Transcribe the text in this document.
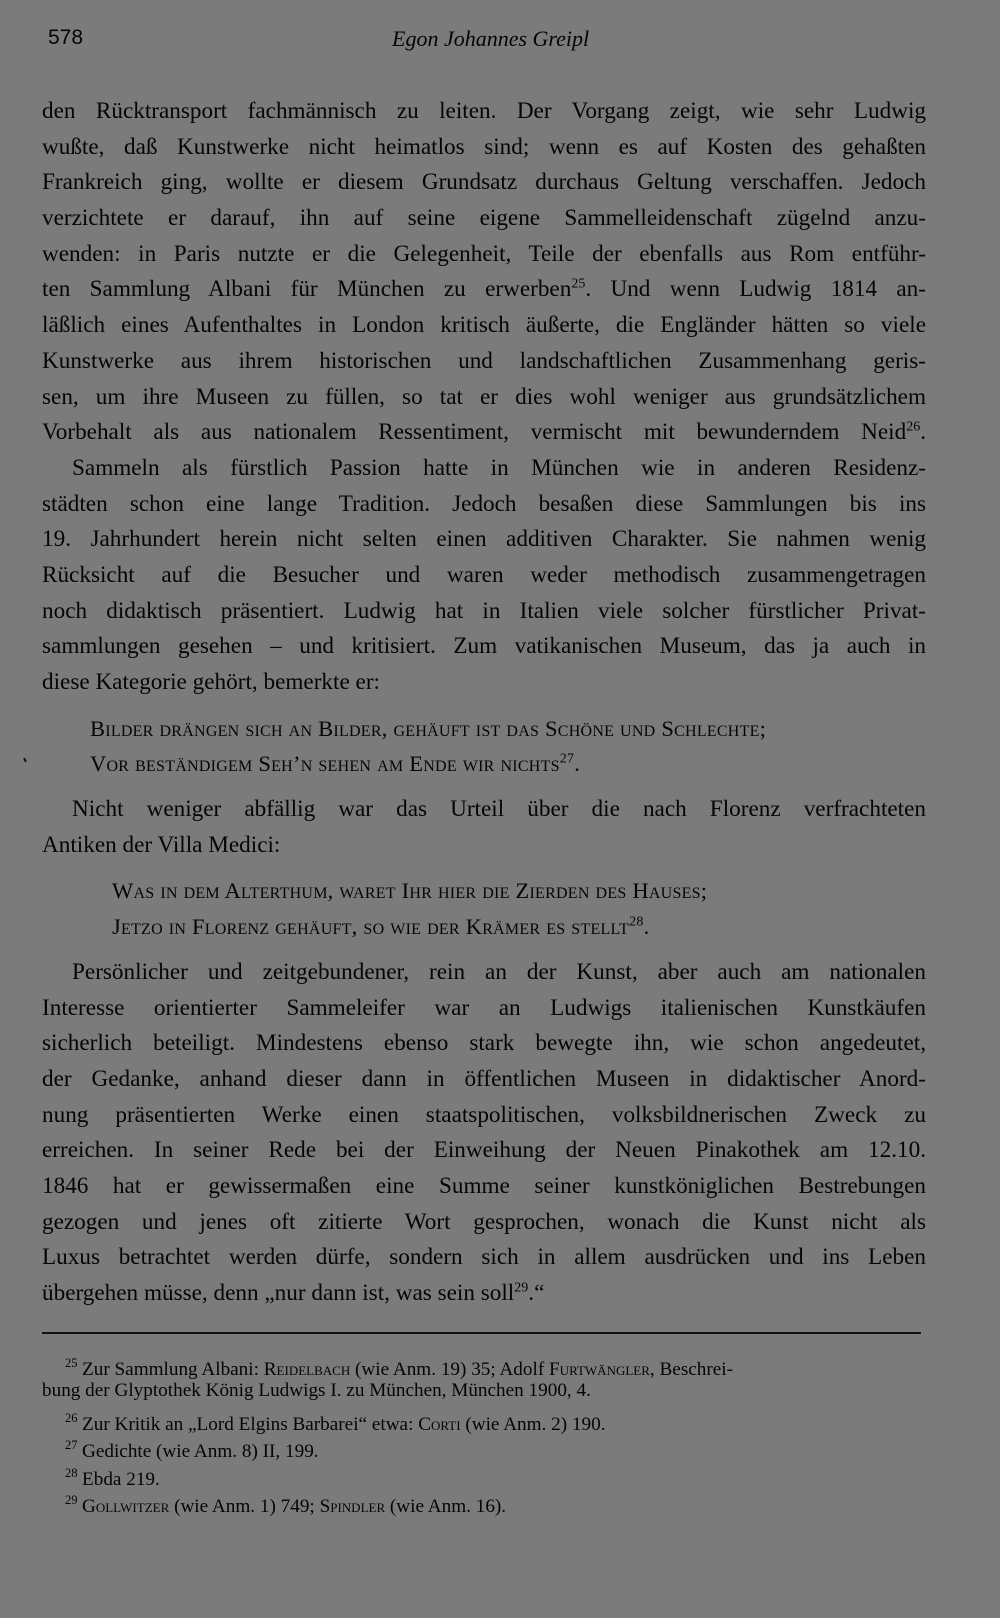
578	Egon Johannes Greipl
den Rücktransport fachmännisch zu leiten. Der Vorgang zeigt, wie sehr Ludwig
wußte, daß Kunstwerke nicht heimatlos sind; wenn es auf Kosten des gehaßten
Frankreich ging, wollte er diesem Grundsatz durchaus Geltung verschaffen. Jedoch
verzichtete er darauf, ihn auf seine eigene Sammelleidenschaft zügelnd anzu-
wenden: in Paris nutzte er die Gelegenheit, Teile der ebenfalls aus Rom entführ-
ten Sammlung Albani für München zu erwerben$^{25}$. Und wenn Ludwig 1814 an-
läßlich eines Aufenthaltes in London kritisch äußerte, die Engländer hätten so viele
Kunstwerke aus ihrem historischen und landschaftlichen Zusammenhang geris-
sen, um ihre Museen zu füllen, so tat er dies wohl weniger aus grundsätzlichem
Vorbehalt als aus nationalem Ressentiment, vermischt mit bewunderndem Neid$^{26}$.
Sammeln als fürstlich Passion hatte in München wie in anderen Residenz-
städten schon eine lange Tradition. Jedoch besaßen diese Sammlungen bis ins
19. Jahrhundert herein nicht selten einen additiven Charakter. Sie nahmen wenig
Rücksicht auf die Besucher und waren weder methodisch zusammengetragen
noch didaktisch präsentiert. Ludwig hat in Italien viele solcher fürstlicher Privat-
sammlungen gesehen – und kritisiert. Zum vatikanischen Museum, das ja auch in
diese Kategorie gehört, bemerkte er:
Bilder drängen sich an Bilder, gehäuft ist das Schöne und Schlechte;
Vor beständigem Seh’n sehen am Ende wir nichts$^{27}$.
Nicht weniger abfällig war das Urteil über die nach Florenz verfrachteten
Antiken der Villa Medici:
Was in dem Alterthum, waret Ihr hier die Zierden des Hauses;
Jetzo in Florenz gehäuft, so wie der Krämer es stellt$^{28}$.
Persönlicher und zeitgebundener, rein an der Kunst, aber auch am nationalen
Interesse orientierter Sammeleifer war an Ludwigs italienischen Kunstkäufen
sicherlich beteiligt. Mindestens ebenso stark bewegte ihn, wie schon angedeutet,
der Gedanke, anhand dieser dann in öffentlichen Museen in didaktischer Anord-
nung präsentierten Werke einen staatspolitischen, volksbildnerischen Zweck zu
erreichen. In seiner Rede bei der Einweihung der Neuen Pinakothek am 12.10.
1846 hat er gewissermaßen eine Summe seiner kunstköniglichen Bestrebungen
gezogen und jenes oft zitierte Wort gesprochen, wonach die Kunst nicht als
Luxus betrachtet werden dürfe, sondern sich in allem ausdrücken und ins Leben
übergehen müsse, denn „nur dann ist, was sein soll$^{29}$.“
25 Zur Sammlung Albani: Reidelbach (wie Anm. 19) 35; Adolf Furtwängler, Beschrei-
bung der Glyptothek König Ludwigs I. zu München, München 1900, 4.
26 Zur Kritik an „Lord Elgins Barbarei“ etwa: Corti (wie Anm. 2) 190.
27 Gedichte (wie Anm. 8) II, 199.
28 Ebda 219.
29 Gollwitzer (wie Anm. 1) 749; Spindler (wie Anm. 16).
